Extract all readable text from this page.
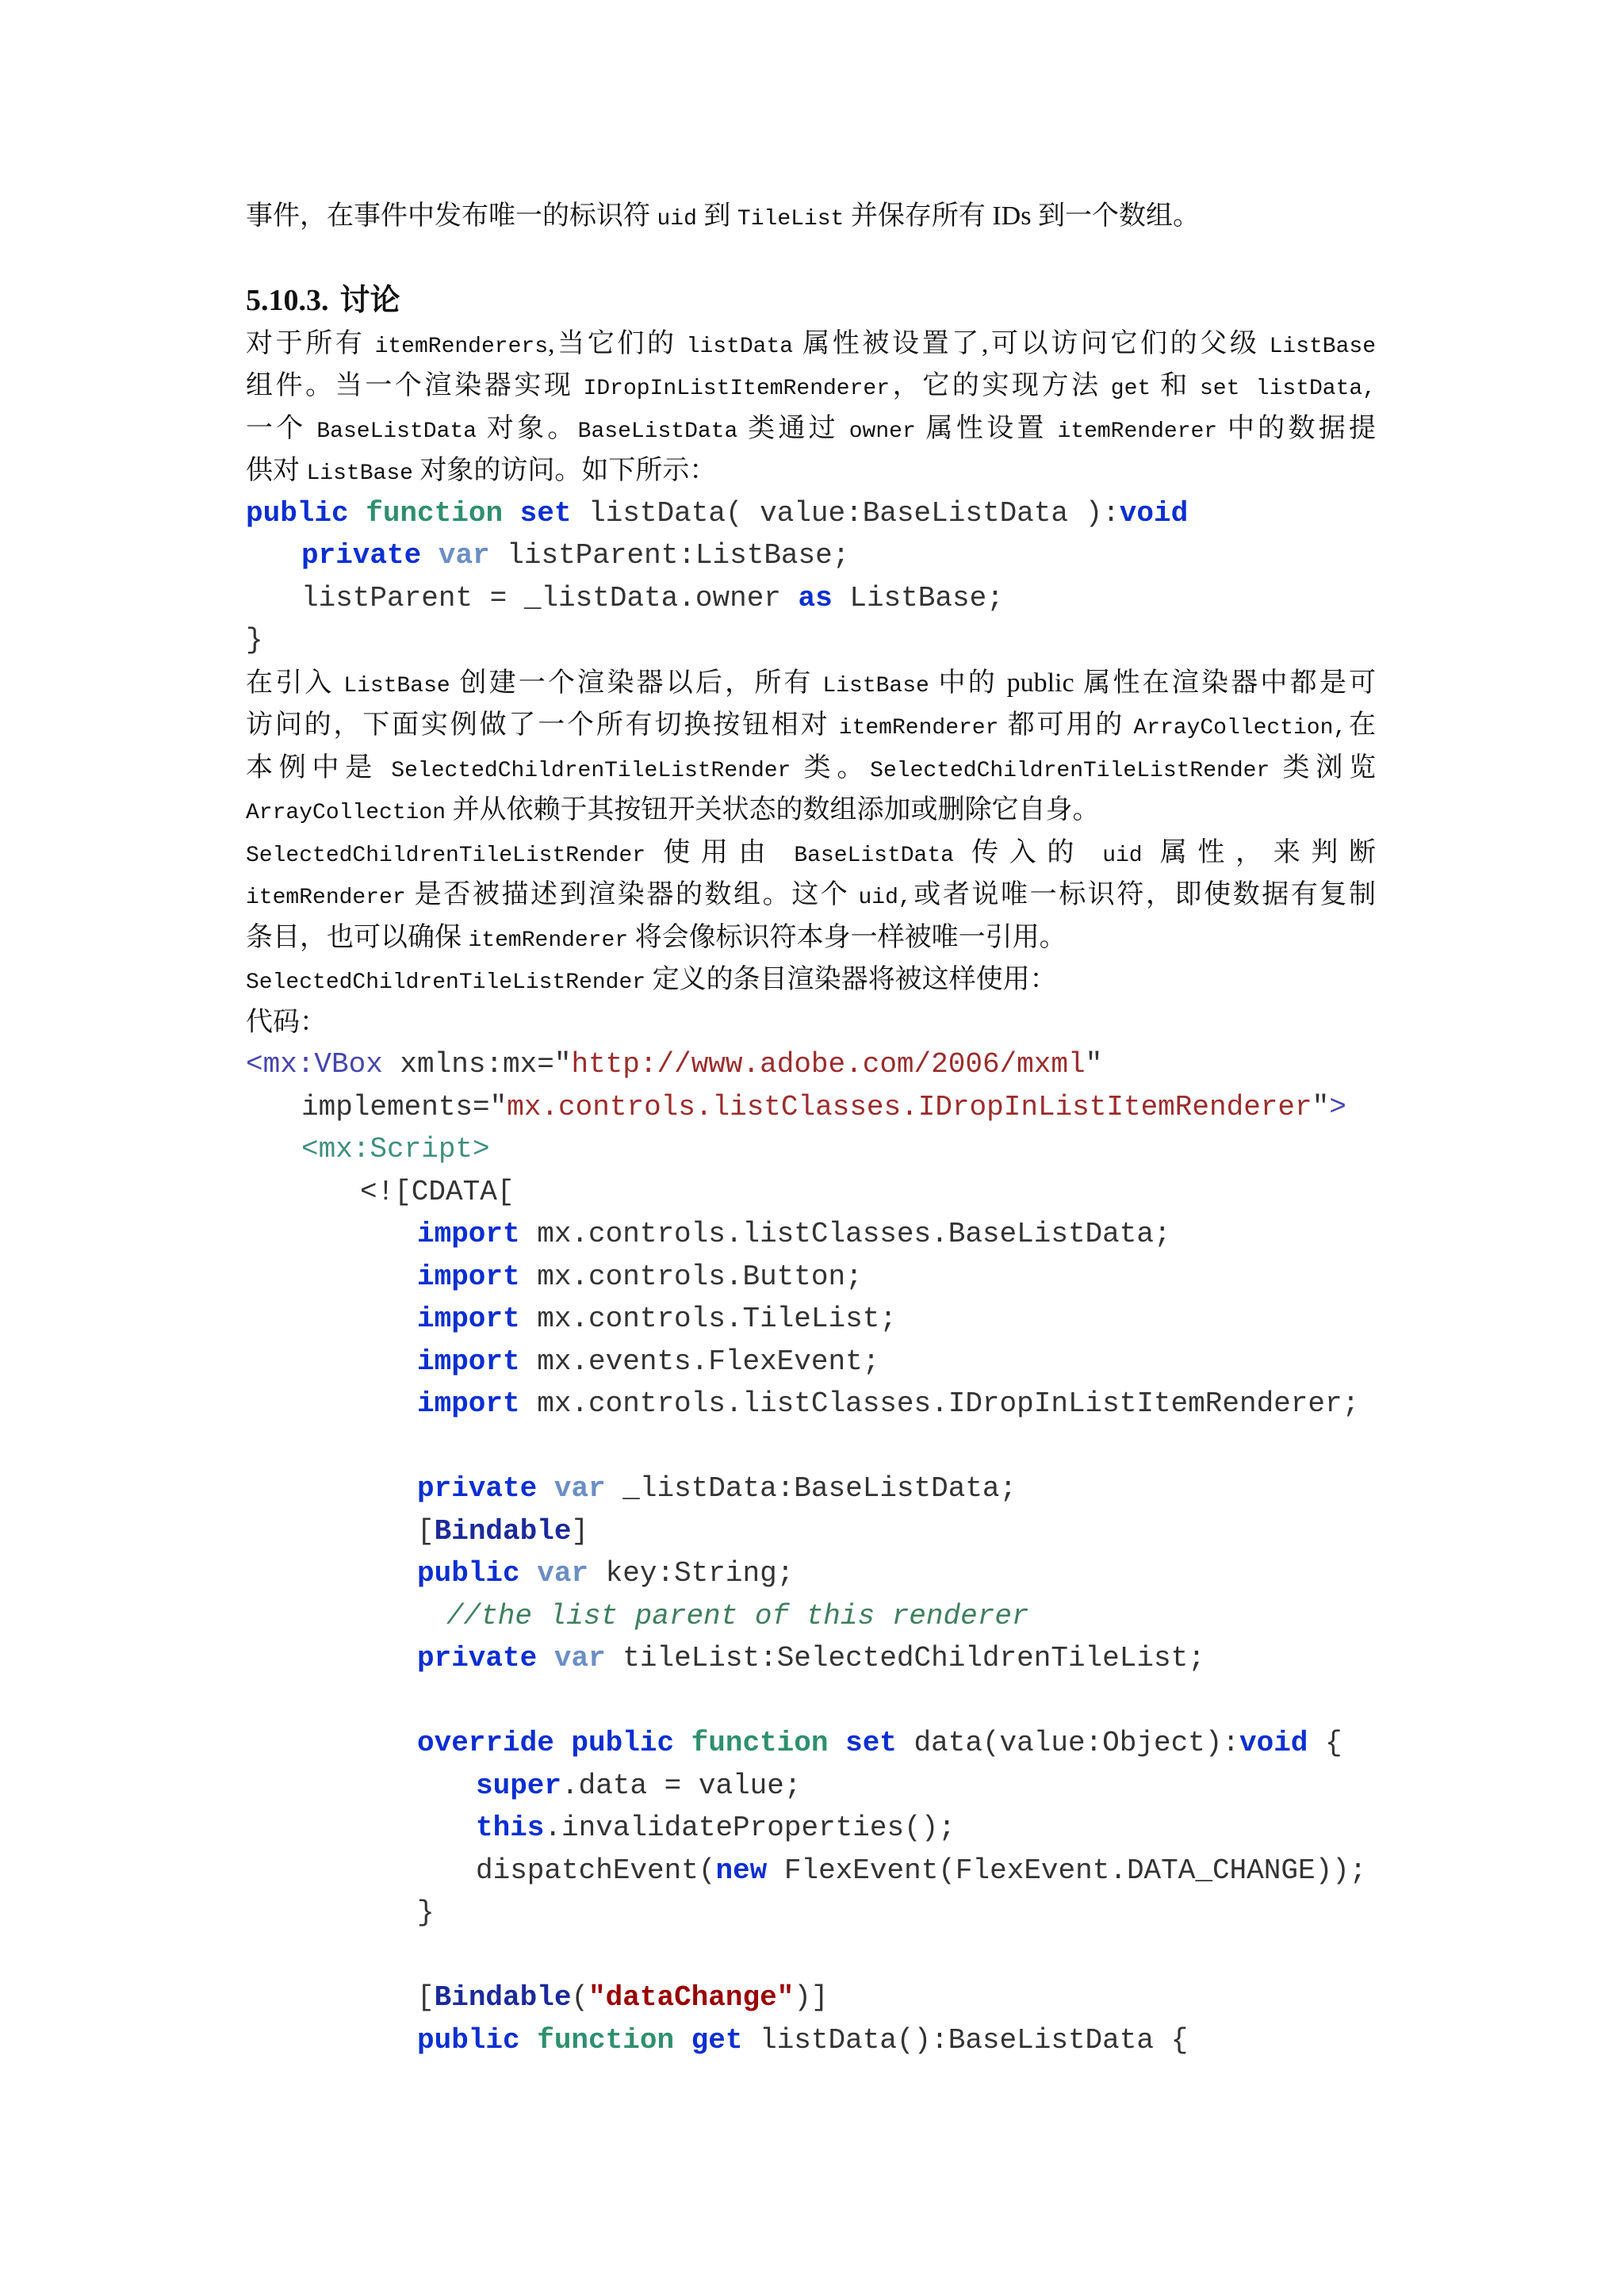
事件，在事件中发布唯一的标识符 uid 到 TileList 并保存所有 IDs 到一个数组。
5.10.3. 讨论
对于所有 itemRenderers,当它们的 listData 属性被设置了,可以访问它们的父级 ListBase
组件。当一个渲染器实现 IDropInListItemRenderer，它的实现方法 get 和 set listData,
一个 BaseListData 对象。BaseListData 类通过 owner 属性设置 itemRenderer 中的数据提
供对 ListBase 对象的访问。如下所示：
public function set listData( value:BaseListData ):void
private var listParent:ListBase;
listParent = _listData.owner as ListBase;
}
在引入 ListBase 创建一个渲染器以后，所有 ListBase 中的 public 属性在渲染器中都是可
访问的，下面实例做了一个所有切换按钮相对 itemRenderer 都可用的 ArrayCollection,在
本例中是 SelectedChildrenTileListRender 类。SelectedChildrenTileListRender 类浏览
ArrayCollection 并从依赖于其按钮开关状态的数组添加或删除它自身。
SelectedChildrenTileListRender 使用由 BaseListData 传入的 uid 属性，来判断
itemRenderer 是否被描述到渲染器的数组。这个 uid,或者说唯一标识符，即使数据有复制
条目，也可以确保 itemRenderer 将会像标识符本身一样被唯一引用。
SelectedChildrenTileListRender 定义的条目渲染器将被这样使用：
代码：
<mx:VBox xmlns:mx="http://www.adobe.com/2006/mxml"
implements="mx.controls.listClasses.IDropInListItemRenderer">
<mx:Script>
<![CDATA[
import mx.controls.listClasses.BaseListData;
import mx.controls.Button;
import mx.controls.TileList;
import mx.events.FlexEvent;
import mx.controls.listClasses.IDropInListItemRenderer;
private var _listData:BaseListData;
[Bindable]
public var key:String;
//the list parent of this renderer
private var tileList:SelectedChildrenTileList;
override public function set data(value:Object):void {
super.data = value;
this.invalidateProperties();
dispatchEvent(new FlexEvent(FlexEvent.DATA_CHANGE));
}
[Bindable("dataChange")]
public function get listData():BaseListData {
